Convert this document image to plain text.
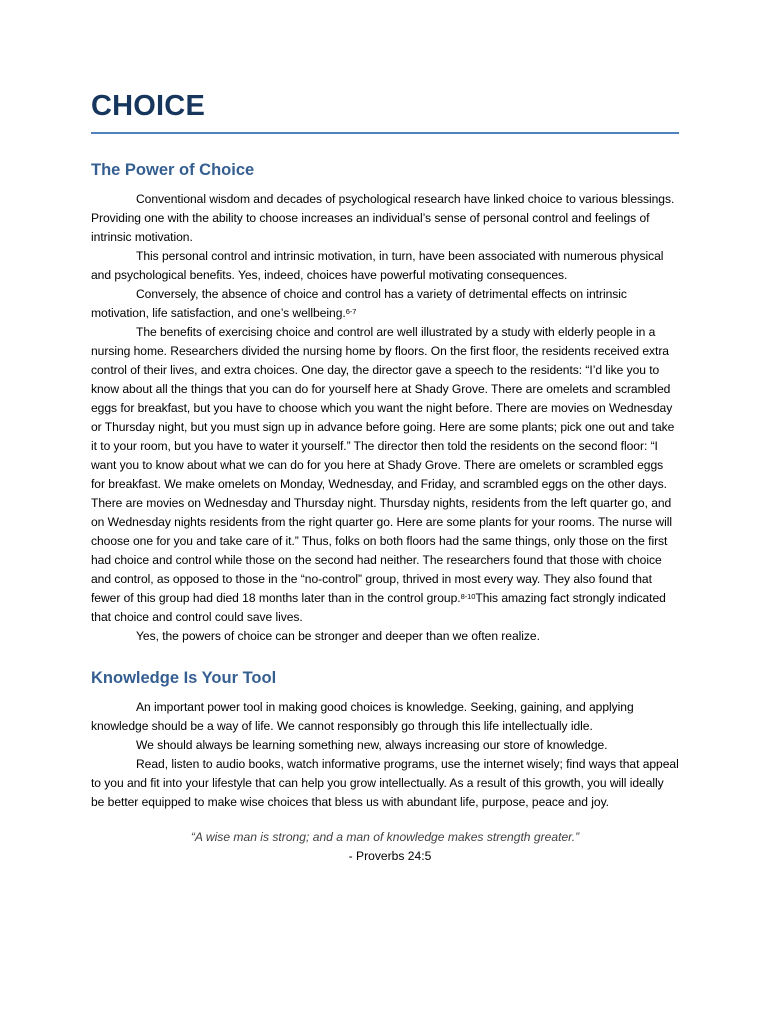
CHOICE
The Power of Choice

Conventional wisdom and decades of psychological research have linked choice to various blessings. Providing one with the ability to choose increases an individual’s sense of personal control and feelings of intrinsic motivation.

This personal control and intrinsic motivation, in turn, have been associated with numerous physical and psychological benefits. Yes, indeed, choices have powerful motivating consequences.

Conversely, the absence of choice and control has a variety of detrimental effects on intrinsic motivation, life satisfaction, and one’s wellbeing.$^{6-7}$

The benefits of exercising choice and control are well illustrated by a study with elderly people in a nursing home. Researchers divided the nursing home by floors. On the first floor, the residents received extra control of their lives, and extra choices. One day, the director gave a speech to the residents: “I’d like you to know about all the things that you can do for yourself here at Shady Grove. There are omelets and scrambled eggs for breakfast, but you have to choose which you want the night before. There are movies on Wednesday or Thursday night, but you must sign up in advance before going. Here are some plants; pick one out and take it to your room, but you have to water it yourself.” The director then told the residents on the second floor: “I want you to know about what we can do for you here at Shady Grove. There are omelets or scrambled eggs for breakfast. We make omelets on Monday, Wednesday, and Friday, and scrambled eggs on the other days. There are movies on Wednesday and Thursday night. Thursday nights, residents from the left quarter go, and on Wednesday nights residents from the right quarter go. Here are some plants for your rooms. The nurse will choose one for you and take care of it.” Thus, folks on both floors had the same things, only those on the first had choice and control while those on the second had neither. The researchers found that those with choice and control, as opposed to those in the “no-control” group, thrived in most every way. They also found that fewer of this group had died 18 months later than in the control group.$^{8-10}$This amazing fact strongly indicated that choice and control could save lives.

Yes, the powers of choice can be stronger and deeper than we often realize.

Knowledge Is Your Tool

An important power tool in making good choices is knowledge. Seeking, gaining, and applying knowledge should be a way of life. We cannot responsibly go through this life intellectually idle.

We should always be learning something new, always increasing our store of knowledge.

Read, listen to audio books, watch informative programs, use the internet wisely; find ways that appeal to you and fit into your lifestyle that can help you grow intellectually. As a result of this growth, you will ideally be better equipped to make wise choices that bless us with abundant life, purpose, peace and joy.

“A wise man is strong; and a man of knowledge makes strength greater.”
- Proverbs 24:5
